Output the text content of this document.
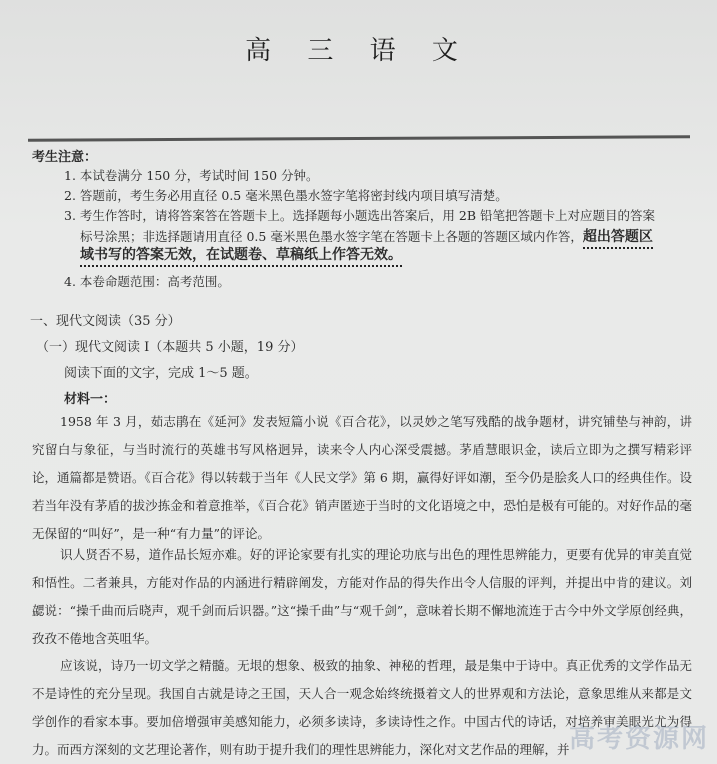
高 三 语 文
考生注意：
1. 本试卷满分 150 分，考试时间 150 分钟。
2. 答题前，考生务必用直径 0.5 毫米黑色墨水签字笔将密封线内项目填写清楚。
3. 考生作答时，请将答案答在答题卡上。选择题每小题选出答案后，用 2B 铅笔把答题卡上对应题目的答案
标号涂黑；非选择题请用直径 0.5 毫米黑色墨水签字笔在答题卡上各题的答题区域内作答，超出答题区
域书写的答案无效，在试题卷、草稿纸上作答无效。
4. 本卷命题范围：高考范围。
一、现代文阅读（35 分）
（一）现代文阅读 Ⅰ（本题共 5 小题，19 分）
阅读下面的文字，完成 1～5 题。
材料一：
1958 年 3 月，茹志鹃在《延河》发表短篇小说《百合花》，以灵妙之笔写残酷的战争题材，讲究铺垫与神韵，讲究留白与象征，与当时流行的英雄书写风格迥异，读来令人内心深受震撼。茅盾慧眼识金，读后立即为之撰写精彩评论，通篇都是赞语。《百合花》得以转载于当年《人民文学》第 6 期，赢得好评如潮，至今仍是脍炙人口的经典佳作。设若当年没有茅盾的拔沙拣金和着意推举，《百合花》销声匿迹于当时的文化语境之中，恐怕是极有可能的。对好作品的毫无保留的“叫好”，是一种“有力量”的评论。
识人贤否不易，道作品长短亦难。好的评论家要有扎实的理论功底与出色的理性思辨能力，更要有优异的审美直觉和悟性。二者兼具，方能对作品的内涵进行精辟阐发，方能对作品的得失作出令人信服的评判，并提出中肯的建议。刘勰说：“操千曲而后晓声，观千剑而后识器。”这“操千曲”与“观千剑”，意味着长期不懈地流连于古今中外文学原创经典，孜孜不倦地含英咀华。
应该说，诗乃一切文学之精髓。无垠的想象、极致的抽象、神秘的哲理，最是集中于诗中。真正优秀的文学作品无不是诗性的充分呈现。我国自古就是诗之王国，天人合一观念始终统摄着文人的世界观和方法论，意象思维从来都是文学创作的看家本事。要加倍增强审美感知能力，必须多读诗，多读诗性之作。中国古代的诗话，对培养审美眼光尤为得力。而西方深刻的文艺理论著作，则有助于提升我们的理性思辨能力，深化对文艺作品的理解，并 高考资源网
